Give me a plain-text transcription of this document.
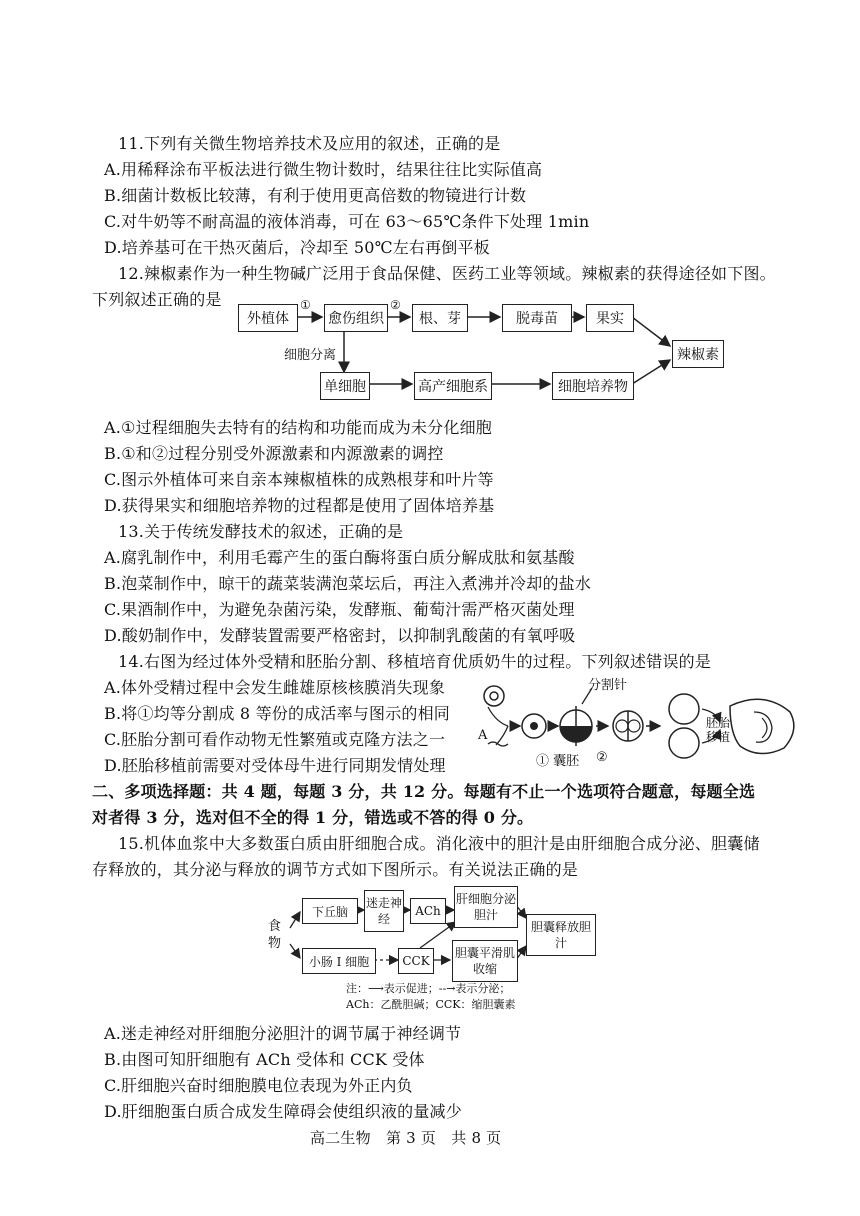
11.下列有关微生物培养技术及应用的叙述，正确的是
A.用稀释涂布平板法进行微生物计数时，结果往往比实际值高
B.细菌计数板比较薄，有利于使用更高倍数的物镜进行计数
C.对牛奶等不耐高温的液体消毒，可在 63～65℃条件下处理 1min
D.培养基可在干热灭菌后，冷却至 50℃左右再倒平板
12.辣椒素作为一种生物碱广泛用于食品保健、医药工业等领域。辣椒素的获得途径如下图。
下列叙述正确的是
外植体
①
愈伤组织
②
根、芽	脱毒苗	果实
辣椒素
细胞分离
单细胞	高产细胞系	细胞培养物
A.①过程细胞失去特有的结构和功能而成为未分化细胞
B.①和②过程分别受外源激素和内源激素的调控
C.图示外植体可来自亲本辣椒植株的成熟根芽和叶片等
D.获得果实和细胞培养物的过程都是使用了固体培养基
13.关于传统发酵技术的叙述，正确的是
A.腐乳制作中，利用毛霉产生的蛋白酶将蛋白质分解成肽和氨基酸
B.泡菜制作中，晾干的蔬菜装满泡菜坛后，再注入煮沸并冷却的盐水
C.果酒制作中，为避免杂菌污染，发酵瓶、葡萄汁需严格灭菌处理
D.酸奶制作中，发酵装置需要严格密封，以抑制乳酸菌的有氧呼吸
14.右图为经过体外受精和胚胎分割、移植培育优质奶牛的过程。下列叙述错误的是
A.体外受精过程中会发生雌雄原核核膜消失现象
B.将①均等分割成 8 等份的成活率与图示的相同
C.胚胎分割可看作动物无性繁殖或克隆方法之一
D.胚胎移植前需要对受体母牛进行同期发情处理
A
分割针
① 囊胚 ②
胚胎移植
二、多项选择题：共 4 题，每题 3 分，共 12 分。每题有不止一个选项符合题意，每题全选
对者得 3 分，选对但不全的得 1 分，错选或不答的得 0 分。
15.机体血浆中大多数蛋白质由肝细胞合成。消化液中的胆汁是由肝细胞合成分泌、胆囊储
存释放的，其分泌与释放的调节方式如下图所示。有关说法正确的是
食物
下丘脑
迷走神经
ACh
肝细胞分泌胆汁
胆囊释放胆汁
小肠 I 细胞	CCK
胆囊平滑肌收缩
注：⟶表示促进；--→表示分泌；
ACh：乙酰胆碱；CCK：缩胆囊素
A.迷走神经对肝细胞分泌胆汁的调节属于神经调节
B.由图可知肝细胞有 ACh 受体和 CCK 受体
C.肝细胞兴奋时细胞膜电位表现为外正内负
D.肝细胞蛋白质合成发生障碍会使组织液的量减少
高二生物　第 3 页　共 8 页
